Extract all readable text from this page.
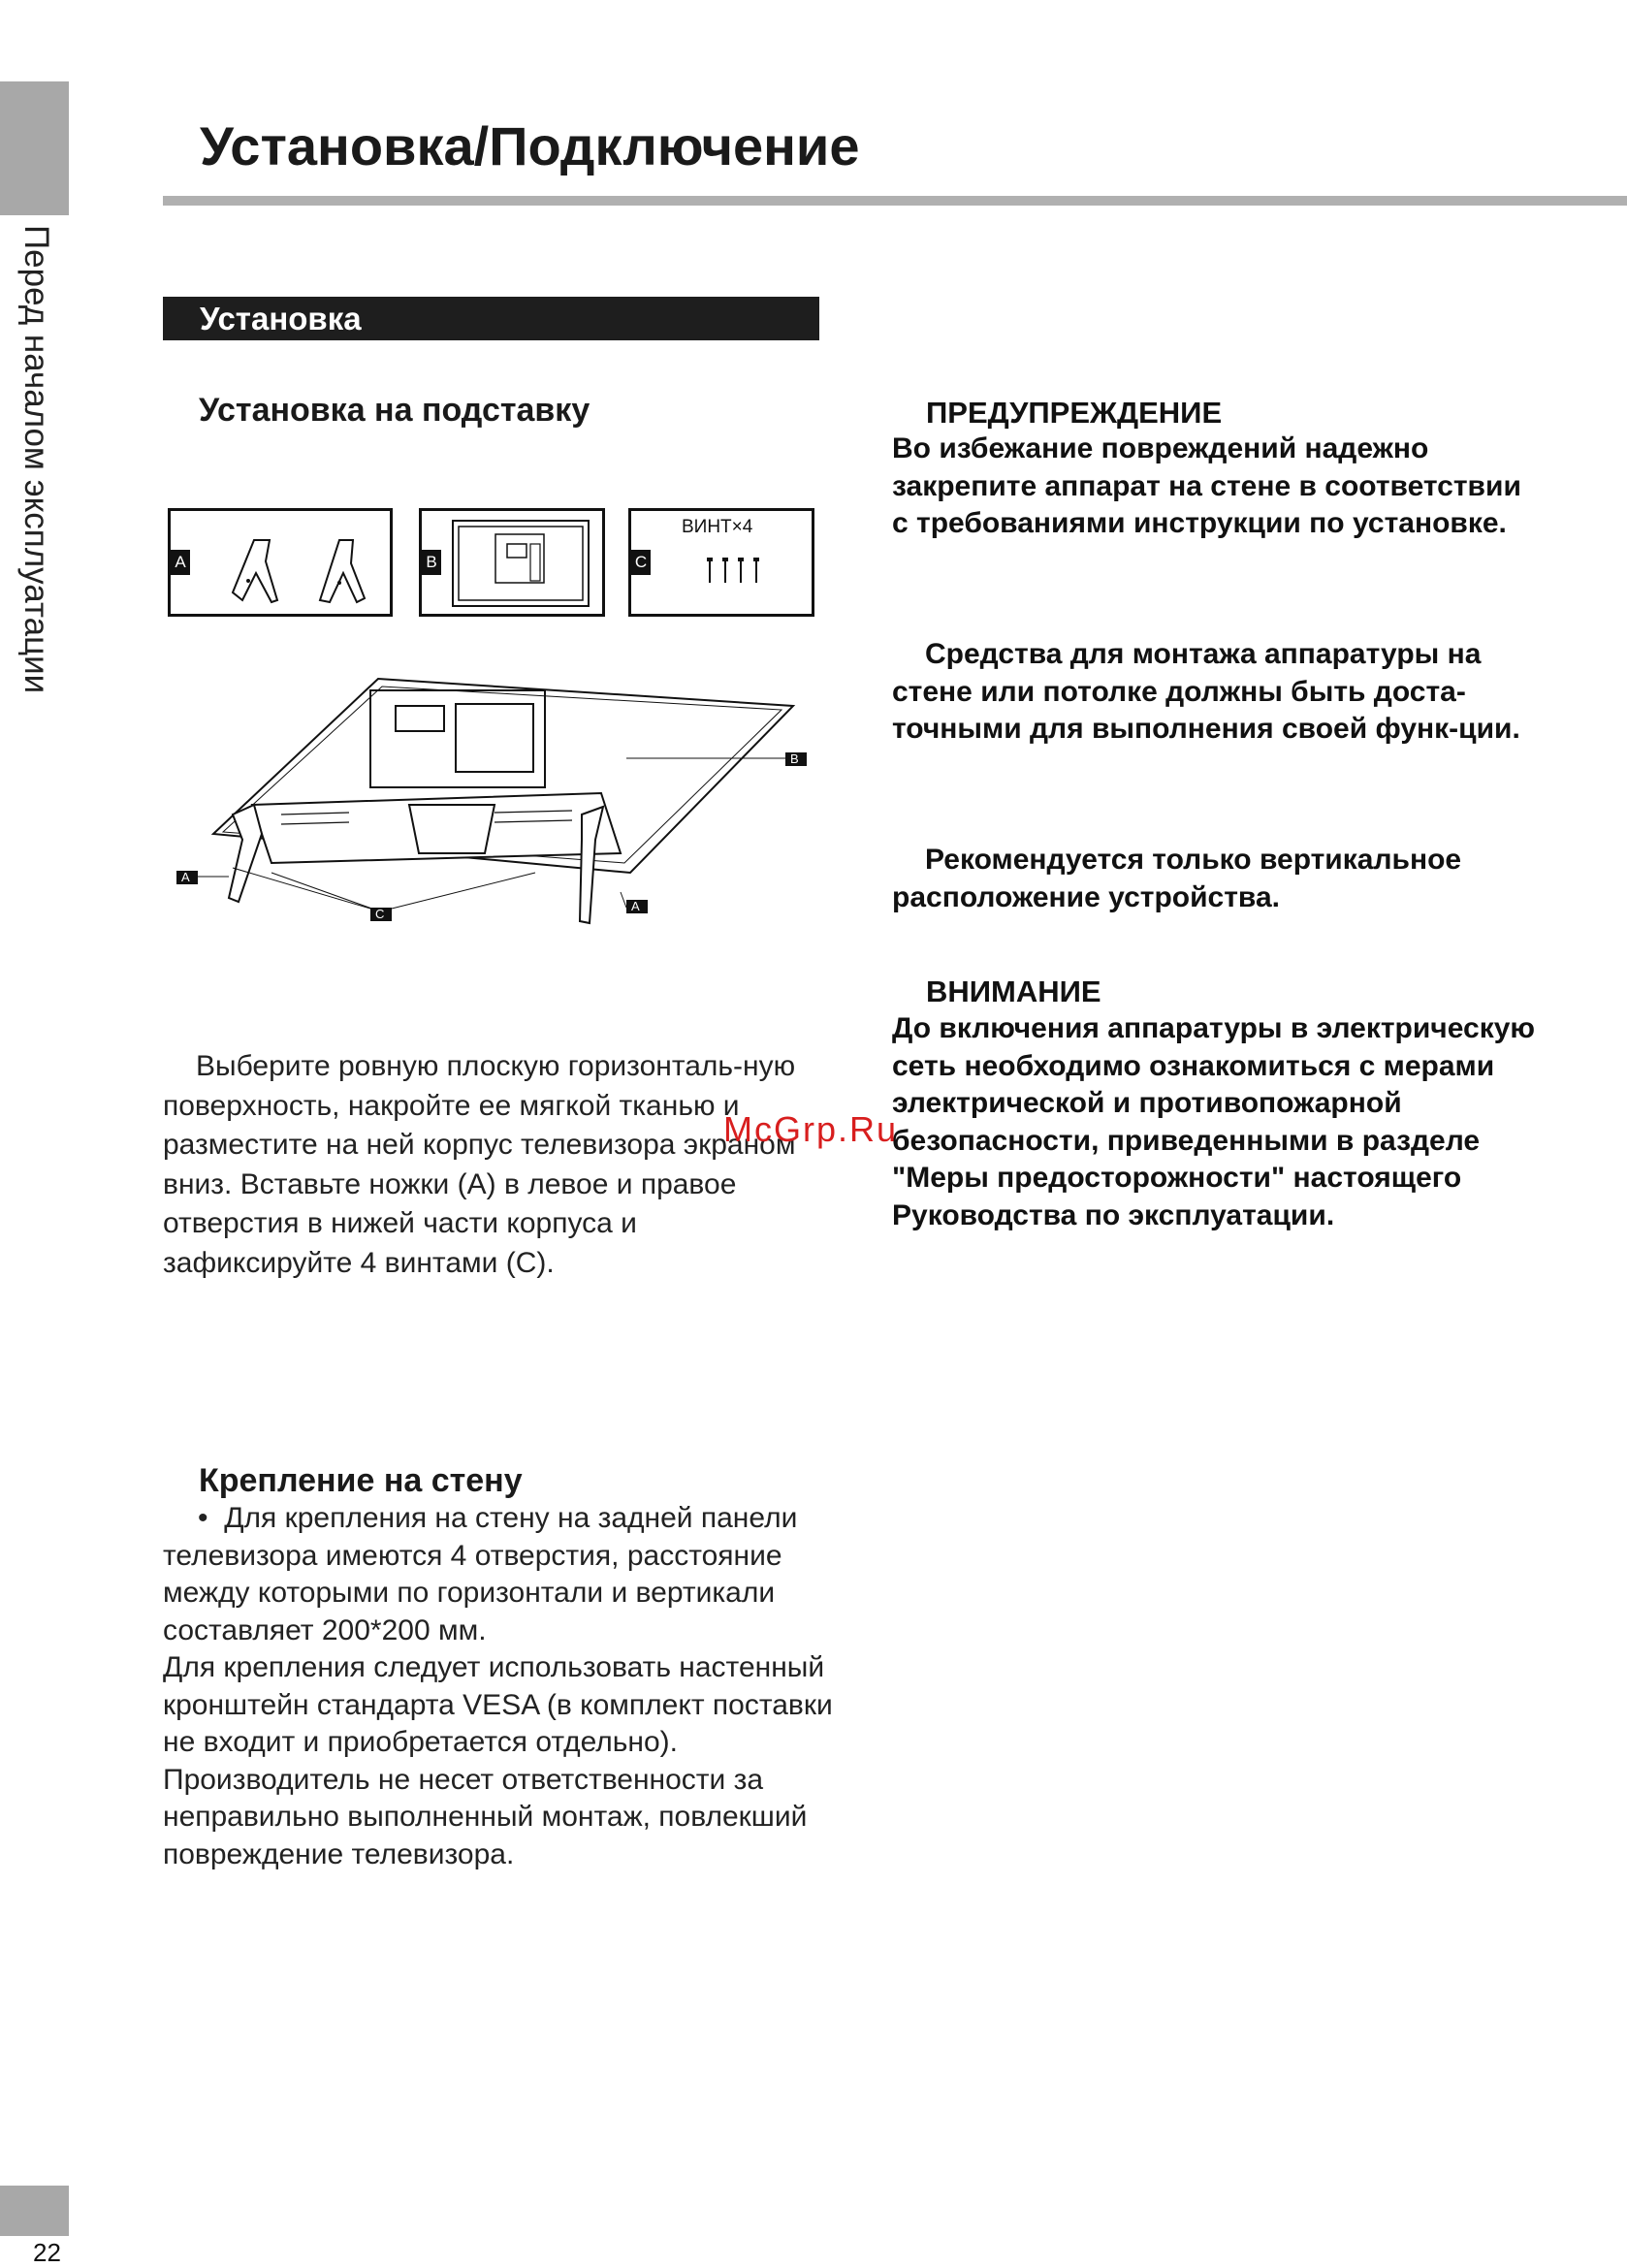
Перед началом эксплуатации
Установка/Подключение
Установка
Установка на подставку
A	B	C
ВИНТ×4
A
B
C
A

Выберите ровную плоскую горизонталь-ную поверхность, накройте ее мягкой тканью и разместите на ней корпус телевизора экраном вниз. Вставьте ножки (A) в левое и правое отверстия в нижей части корпуса и зафиксируйте 4 винтами (C).

Крепление на стену

• Для крепления на стену на задней панели телевизора имеются 4 отверстия, расстояние между которыми по горизонтали и вертикали составляет 200*200 мм.

Для крепления следует использовать настенный кронштейн стандарта VESA (в комплект поставки не входит и приобретается отдельно). Производитель не несет ответственности за неправильно выполненный монтаж, повлекший повреждение телевизора.

ПРЕДУПРЕЖДЕНИЕ
Во избежание повреждений надежно закрепите аппарат на стене в соответствии с требованиями инструкции по установке.
Средства для монтажа аппаратуры на стене или потолке должны быть доста-точными для выполнения своей функ-ции.
Рекомендуется только вертикальное расположение устройства.
ВНИМАНИЕ
До включения аппаратуры в электрическую сеть необходимо ознакомиться с мерами электрической и противопожарной безопасности, приведенными в разделе "Меры предосторожности" настоящего Руководства по эксплуатации.
McGrp.Ru
22
